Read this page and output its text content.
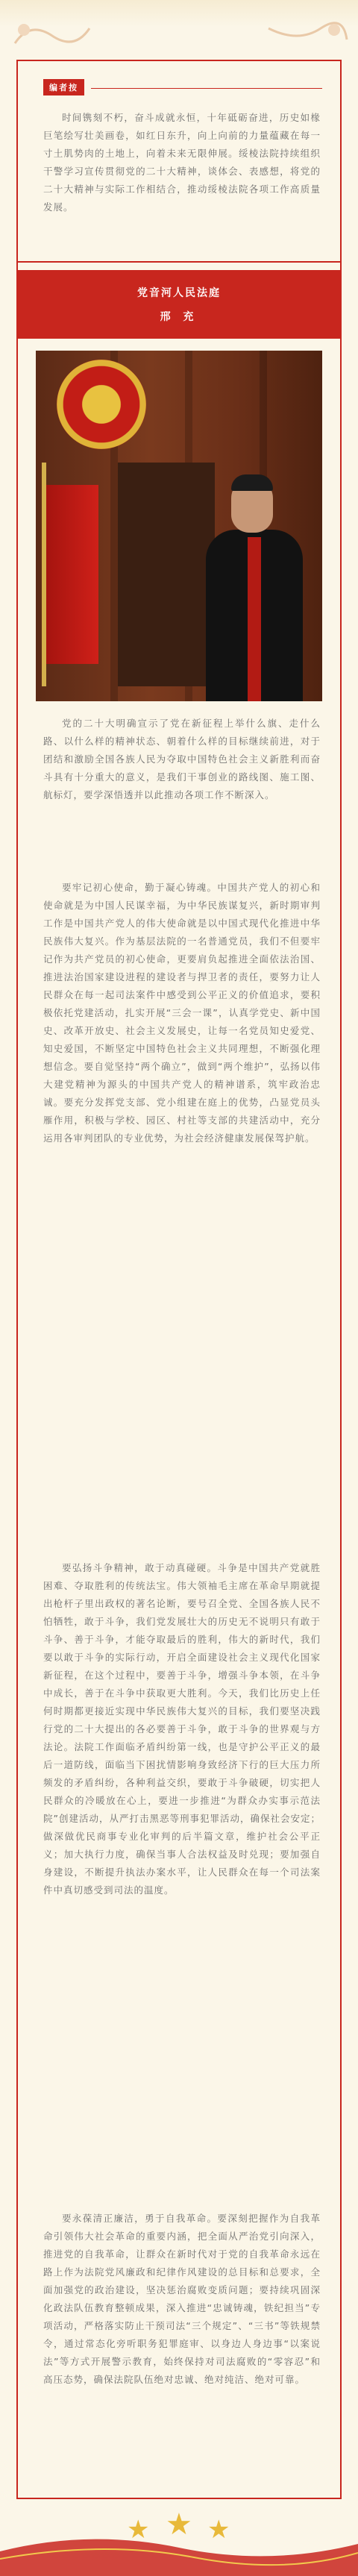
编者按

时间镌刻不朽，奋斗成就永恒，十年砥砺奋进，历史如椽巨笔绘写壮美画卷，如红日东升，向上向前的力量蕴藏在每一寸土肌势肉的土地上，向着未来无限伸展。绥棱法院持续组织干警学习宣传贯彻党的二十大精神，谈体会、表感想，将党的二十大精神与实际工作相结合，推动绥棱法院各项工作高质量发展。

党音河人民法庭
邢 充

党的二十大明确宣示了党在新征程上举什么旗、走什么路、以什么样的精神状态、朝着什么样的目标继续前进，对于团结和激励全国各族人民为夺取中国特色社会主义新胜利而奋斗具有十分重大的意义，是我们干事创业的路线图、施工图、航标灯，要学深悟透并以此推动各项工作不断深入。

要牢记初心使命，勤于凝心铸魂。中国共产党人的初心和使命就是为中国人民谋幸福，为中华民族谋复兴，新时期审判工作是中国共产党人的伟大使命就是以中国式现代化推进中华民族伟大复兴。作为基层法院的一名普通党员，我们不但要牢记作为共产党员的初心使命，更要肩负起推进全面依法治国、推进法治国家建设进程的建设者与捍卫者的责任，要努力让人民群众在每一起司法案件中感受到公平正义的价值追求，要积极依托党建活动，扎实开展“三会一课”，认真学党史、新中国史、改革开放史、社会主义发展史，让每一名党员知史爱党、知史爱国，不断坚定中国特色社会主义共同理想，不断强化理想信念。要自觉坚持“两个确立”，做到“两个维护”，弘扬以伟大建党精神为源头的中国共产党人的精神谱系，筑牢政治忠诚。要充分发挥党支部、党小组建在庭上的优势，凸显党员头雁作用，积极与学校、园区、村社等支部的共建活动中，充分运用各审判团队的专业优势，为社会经济健康发展保驾护航。

要弘扬斗争精神，敢于动真碰硬。斗争是中国共产党就胜困难、夺取胜利的传统法宝。伟大领袖毛主席在革命早期就提出枪杆子里出政权的著名论断，要号召全党、全国各族人民不怕牺牲，敢于斗争，我们党发展壮大的历史无不说明只有敢于斗争、善于斗争，才能夺取最后的胜利，伟大的新时代，我们要以敢于斗争的实际行动，开启全面建设社会主义现代化国家新征程，在这个过程中，要善于斗争，增强斗争本领，在斗争中成长，善于在斗争中获取更大胜利。今天，我们比历史上任何时期都更接近实现中华民族伟大复兴的目标，我们要坚决践行党的二十大提出的各必要善于斗争，敢于斗争的世界观与方法论。法院工作面临矛盾纠纷第一线，也是守护公平正义的最后一道防线，面临当下困扰情影响身致经济下行的巨大压力所频发的矛盾纠纷，各种利益交织，要敢于斗争破硬，切实把人民群众的冷暖放在心上，要进一步推进“为群众办实事示范法院”创建活动，从严打击黑恶等刑事犯罪活动，确保社会安定；做深做优民商事专业化审判的后半篇文章，维护社会公平正义；加大执行力度，确保当事人合法权益及时兑现；要加强自身建设，不断提升执法办案水平，让人民群众在每一个司法案件中真切感受到司法的温度。

要永葆清正廉洁，勇于自我革命。要深刻把握作为自我革命引领伟大社会革命的重要内涵，把全面从严治党引向深入，推进党的自我革命，让群众在新时代对于党的自我革命永远在路上作为法院党风廉政和纪律作风建设的总目标和总要求，全面加强党的政治建设，坚决惩治腐败变质问题；要持续巩固深化政法队伍教育整顿成果，深入推进“忠诚铸魂，铁纪担当”专项活动，严格落实防止干预司法“三个规定”、“三书”等铁规禁令，通过常态化旁听职务犯罪庭审、以身边人身边事“以案说法”等方式开展警示教育，始终保持对司法腐败的“零容忍”和高压态势，确保法院队伍绝对忠诚、绝对纯洁、绝对可靠。

★ ★ ★
